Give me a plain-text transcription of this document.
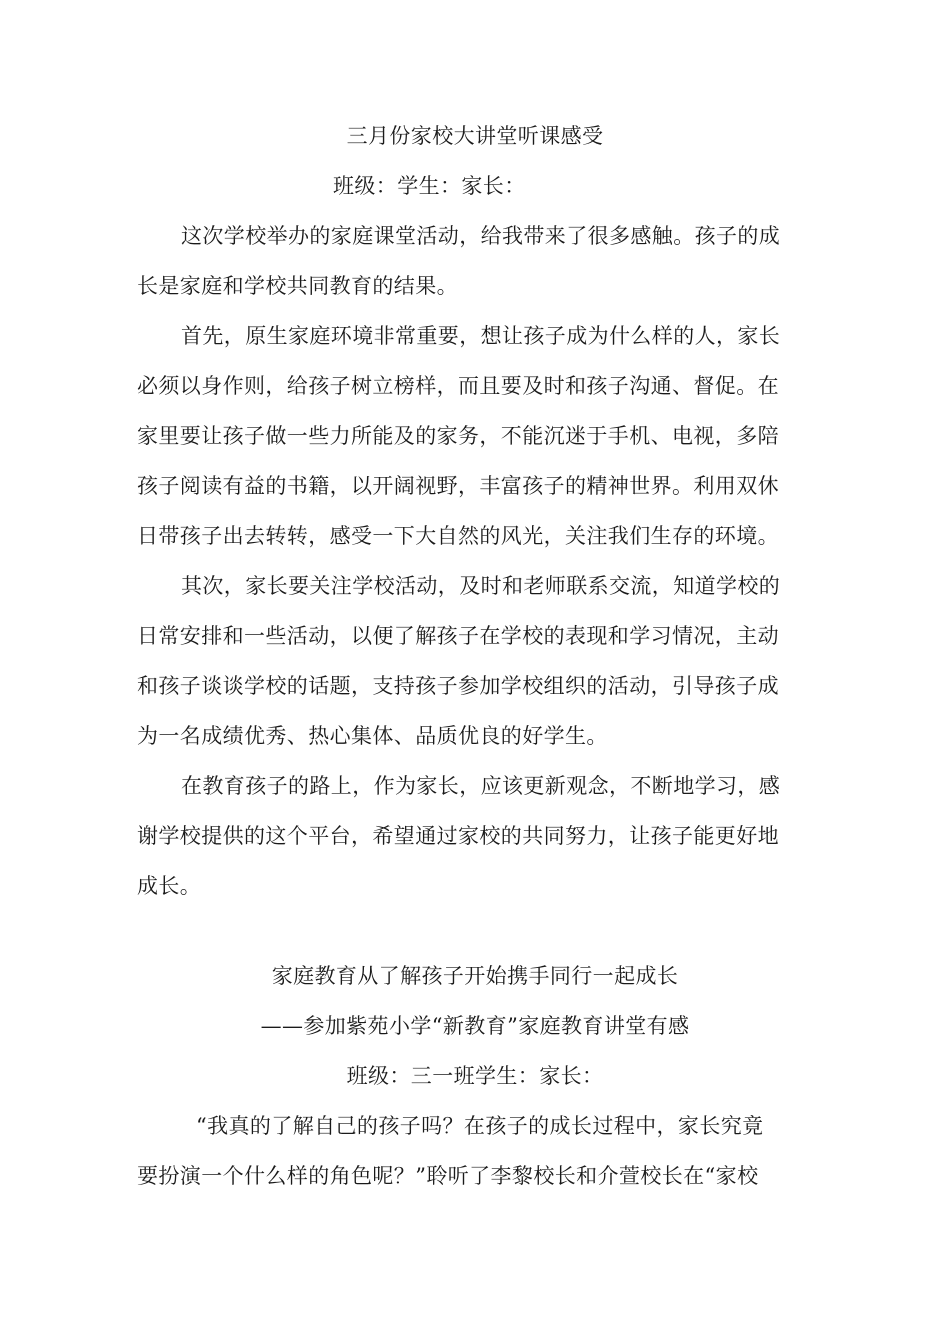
三月份家校大讲堂听课感受
班级：学生：家长：
这次学校举办的家庭课堂活动，给我带来了很多感触。孩子的成
长是家庭和学校共同教育的结果。
首先，原生家庭环境非常重要，想让孩子成为什么样的人，家长
必须以身作则，给孩子树立榜样，而且要及时和孩子沟通、督促。在
家里要让孩子做一些力所能及的家务，不能沉迷于手机、电视，多陪
孩子阅读有益的书籍，以开阔视野，丰富孩子的精神世界。利用双休
日带孩子出去转转，感受一下大自然的风光，关注我们生存的环境。
其次，家长要关注学校活动，及时和老师联系交流，知道学校的
日常安排和一些活动，以便了解孩子在学校的表现和学习情况，主动
和孩子谈谈学校的话题，支持孩子参加学校组织的活动，引导孩子成
为一名成绩优秀、热心集体、品质优良的好学生。
在教育孩子的路上，作为家长，应该更新观念，不断地学习，感
谢学校提供的这个平台，希望通过家校的共同努力，让孩子能更好地
成长。
家庭教育从了解孩子开始携手同行一起成长
——参加紫苑小学“新教育”家庭教育讲堂有感
班级：三一班学生：家长：
“我真的了解自己的孩子吗？在孩子的成长过程中，家长究竟
要扮演一个什么样的角色呢？”聆听了李黎校长和介萱校长在“家校
